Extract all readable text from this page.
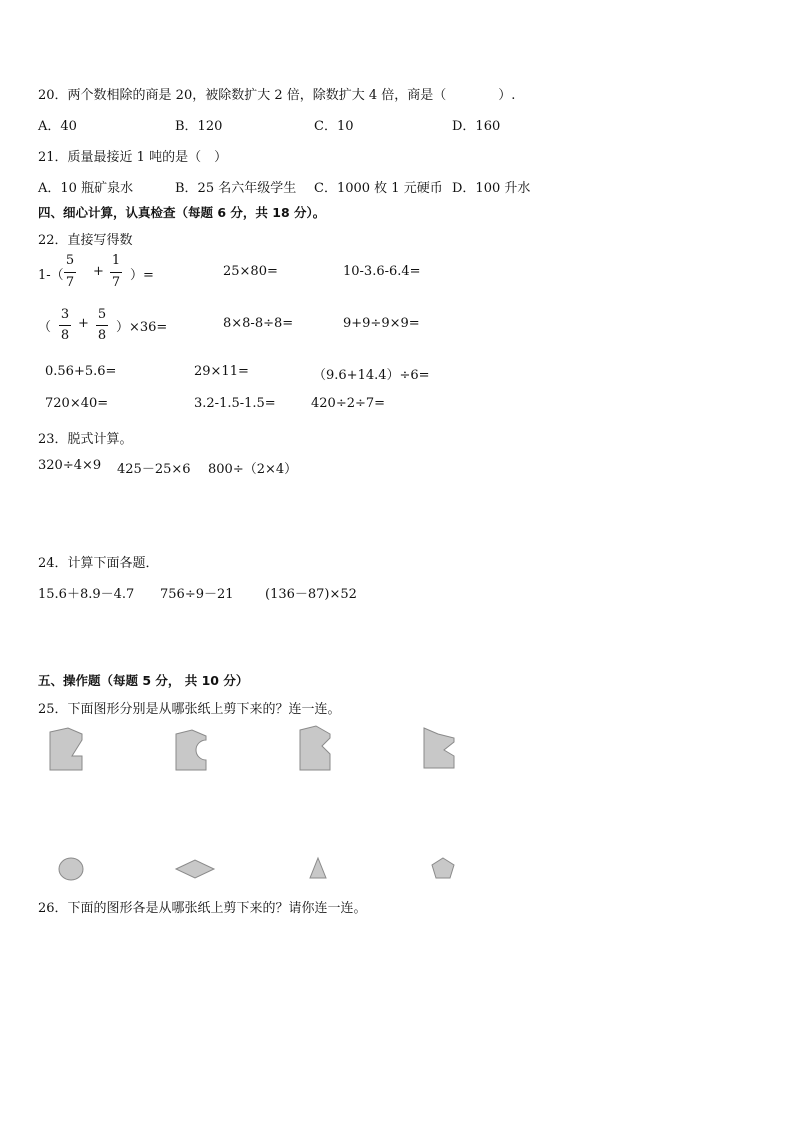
20．两个数相除的商是 20，被除数扩大 2 倍，除数扩大 4 倍，商是（　　　　）.
A．40	B．120	C．10	D．160
21．质量最接近 1 吨的是（　）
A．10 瓶矿泉水	B．25 名六年级学生 C．1000 枚 1 元硬币 D．100 升水
四、细心计算，认真检查（每题 6 分，共 18 分）。
22．直接写得数
1-（
5
7
+
1
7 ）=	25×80=	10-3.6-6.4=
（
3
8
+
5
8
）×36=	8×8-8÷8=	9+9÷9×9=
0.56+5.6=	29×11=	（9.6+14.4）÷6=
720×40=	3.2-1.5-1.5=	420÷2÷7=
23．脱式计算。
320÷4×9 425－25×6 800÷（2×4）
24．计算下面各题．
15.6＋8.9－4.7 756÷9－21 (136－87)×52
五、操作题（每题 5 分， 共 10 分）
25．下面图形分别是从哪张纸上剪下来的？连一连。
26．下面的图形各是从哪张纸上剪下来的？请你连一连。
